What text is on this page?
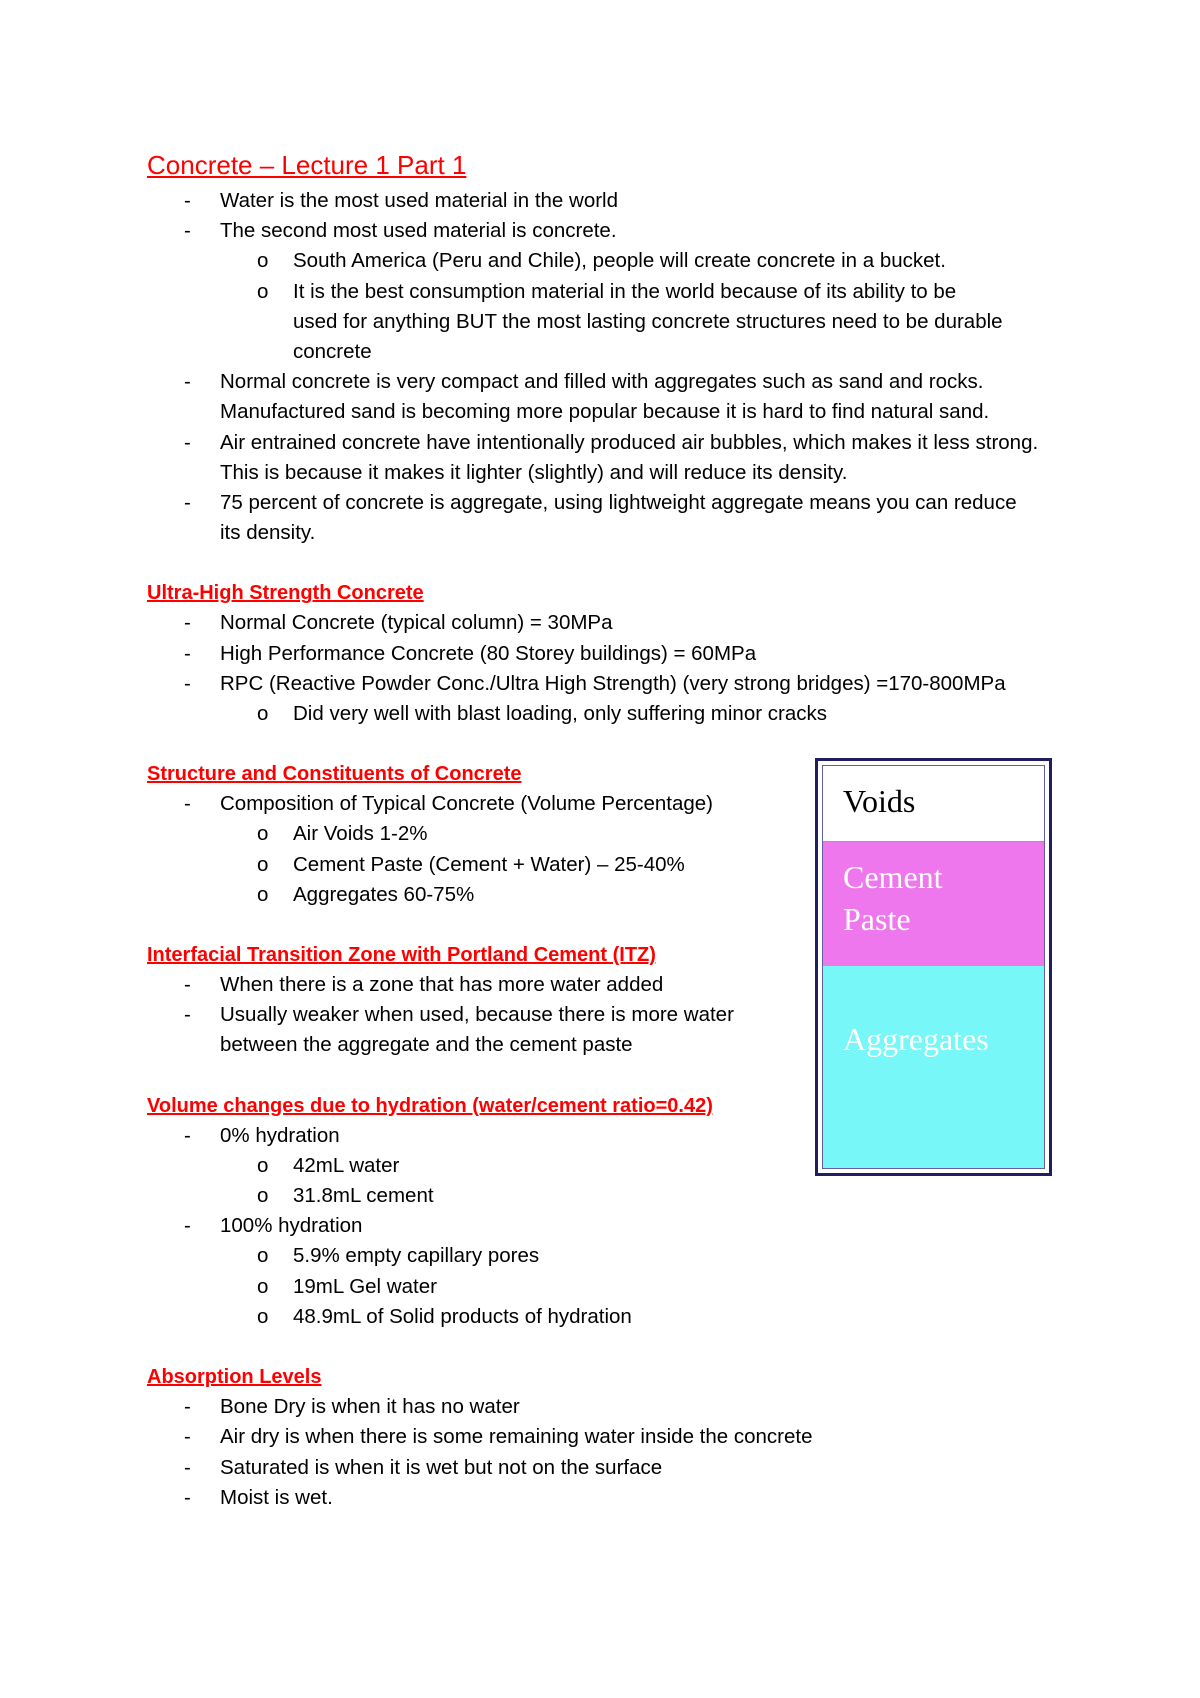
Concrete – Lecture 1 Part 1
- Water is the most used material in the world
- The second most used material is concrete.
o South America (Peru and Chile), people will create concrete in a bucket.
o It is the best consumption material in the world because of its ability to be used for anything BUT the most lasting concrete structures need to be durable concrete
- Normal concrete is very compact and filled with aggregates such as sand and rocks. Manufactured sand is becoming more popular because it is hard to find natural sand.
- Air entrained concrete have intentionally produced air bubbles, which makes it less strong. This is because it makes it lighter (slightly) and will reduce its density.
- 75 percent of concrete is aggregate, using lightweight aggregate means you can reduce its density.
Ultra-High Strength Concrete
- Normal Concrete (typical column) = 30MPa
- High Performance Concrete (80 Storey buildings) = 60MPa
- RPC (Reactive Powder Conc./Ultra High Strength) (very strong bridges) =170-800MPa
o Did very well with blast loading, only suffering minor cracks
Structure and Constituents of Concrete
- Composition of Typical Concrete (Volume Percentage)
o Air Voids 1-2%
o Cement Paste (Cement + Water) – 25-40%
o Aggregates 60-75%
Interfacial Transition Zone with Portland Cement (ITZ)
- When there is a zone that has more water added
- Usually weaker when used, because there is more water between the aggregate and the cement paste
Volume changes due to hydration (water/cement ratio=0.42)
- 0% hydration
o 42mL water
o 31.8mL cement
- 100% hydration
o 5.9% empty capillary pores
o 19mL Gel water
o 48.9mL of Solid products of hydration
Absorption Levels
- Bone Dry is when it has no water
- Air dry is when there is some remaining water inside the concrete
- Saturated is when it is wet but not on the surface
- Moist is wet.
Voids
Cement Paste
Aggregates
